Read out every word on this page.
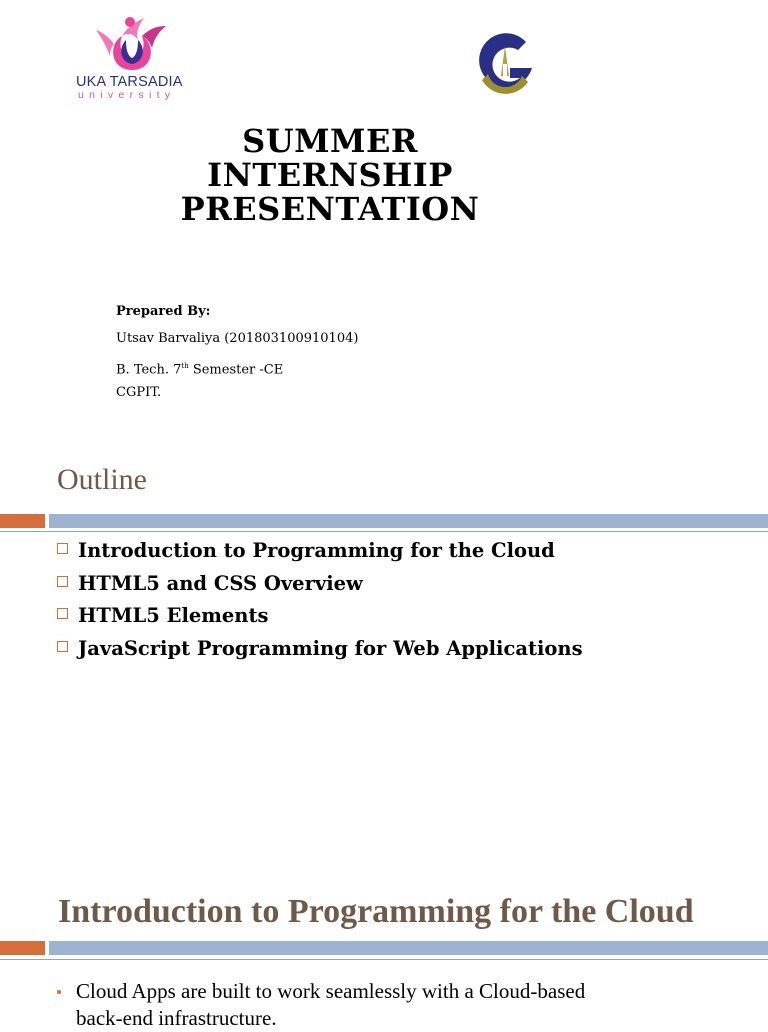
UKA TARSADIA
university
SUMMER INTERNSHIP
PRESENTATION
Prepared By:
Utsav Barvaliya (201803100910104)
B. Tech. 7th Semester -CE
CGPIT.
Outline
Introduction to Programming for the Cloud
HTML5 and CSS Overview
HTML5 Elements
JavaScript Programming for Web Applications
Introduction to Programming for the Cloud
Cloud Apps are built to work seamlessly with a Cloud-based back-end infrastructure.
